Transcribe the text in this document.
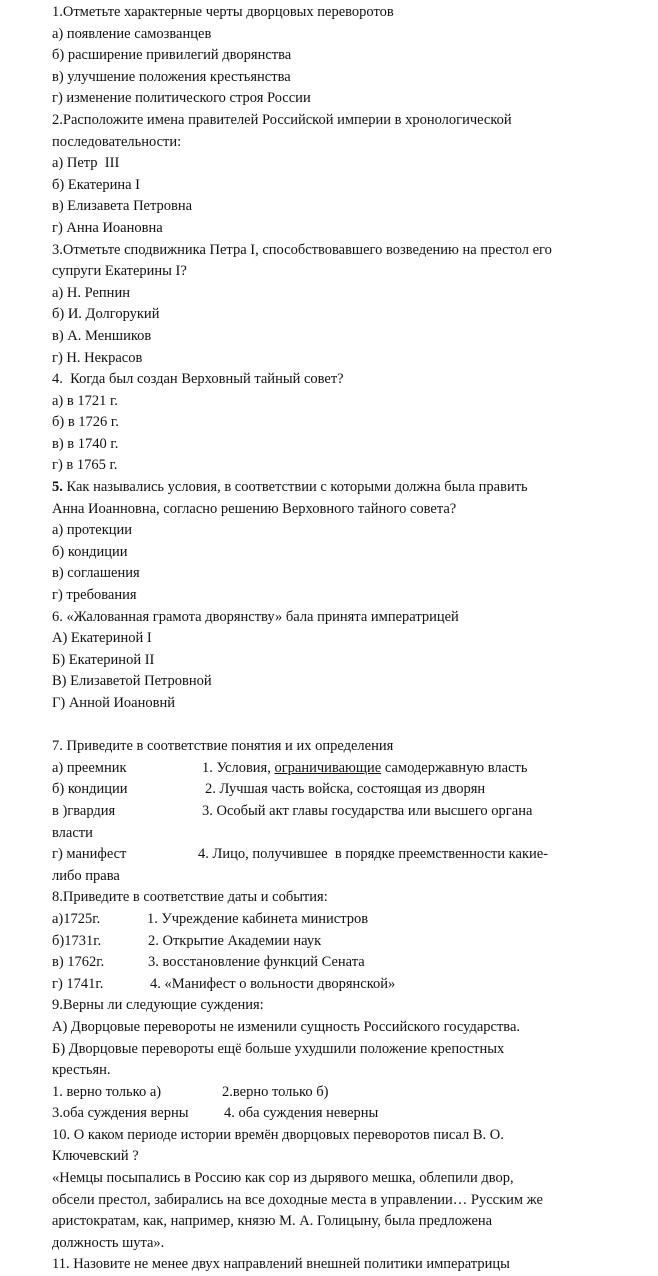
1.Отметьте характерные черты дворцовых переворотов
а) появление самозванцев
б) расширение привилегий дворянства
в) улучшение положения крестьянства
г) изменение политического строя России
2.Расположите имена правителей Российской империи в хронологической
последовательности:
а) Петр  III
б) Екатерина I
в) Елизавета Петровна
г) Анна Иоановна
3.Отметьте сподвижника Петра I, способствовавшего возведению на престол его
супруги Екатерины I?
а) Н. Репнин
б) И. Долгорукий
в) А. Меншиков
г) Н. Некрасов
4.  Когда был создан Верховный тайный совет?
а) в 1721 г.
б) в 1726 г.
в) в 1740 г.
г) в 1765 г.
5. Как назывались условия, в соответствии с которыми должна была править
Анна Иоанновна, согласно решению Верховного тайного совета?
а) протекции
б) кондиции
в) соглашения
г) требования
6. «Жалованная грамота дворянству» бала принята императрицей
А) Екатериной I
Б) Екатериной II
В) Елизаветой Петровной
Г) Анной Иоановнй
7. Приведите в соответствие понятия и их определения
а) преемник	1. Условия, ограничивающие самодержавную власть
б) кондиции	2. Лучшая часть войска, состоящая из дворян
в )гвардия	3. Особый акт главы государства или высшего органа
власти
г) манифест	4. Лицо, получившее  в порядке преемственности какие-
либо права
8.Приведите в соответствие даты и события:
а)1725г.	1. Учреждение кабинета министров
б)1731г.	2. Открытие Академии наук
в) 1762г.	3. восстановление функций Сената
г) 1741г.	4. «Манифест о вольности дворянской»
9.Верны ли следующие суждения:
А) Дворцовые перевороты не изменили сущность Российского государства.
Б) Дворцовые перевороты ещё больше ухудшили положение крепостных
крестьян.
1. верно только а)	2.верно только б)
3.оба суждения верны 4. оба суждения неверны
10. О каком периоде истории времён дворцовых переворотов писал В. О.
Ключевский ?
«Немцы посыпались в Россию как сор из дырявого мешка, облепили двор,
обсели престол, забирались на все доходные места в управлении… Русским же
аристократам, как, например, князю М. А. Голицыну, была предложена
должность шута».
11. Назовите не менее двух направлений внешней политики императрицы
